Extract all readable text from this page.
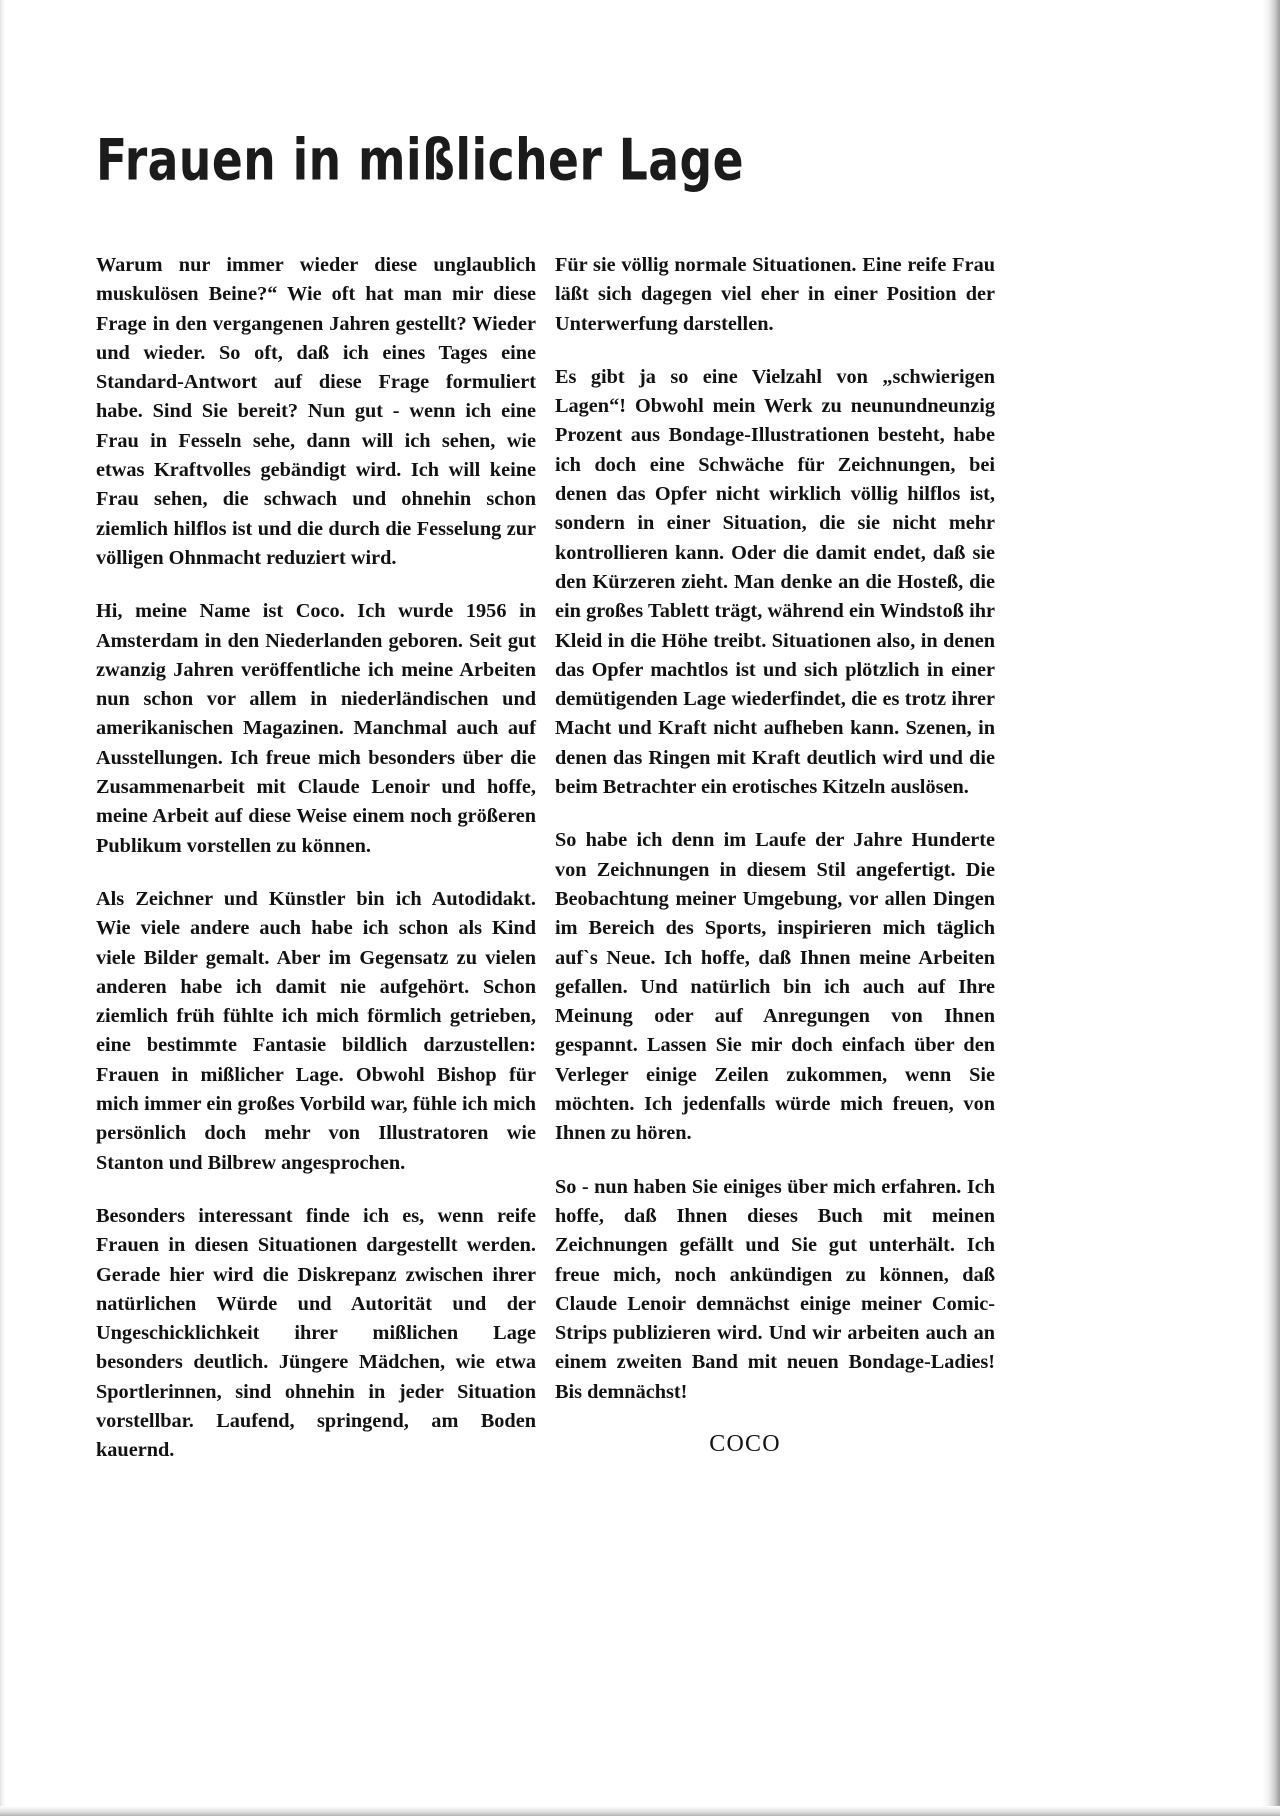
Frauen in mißlicher Lage

Warum nur immer wieder diese unglaublich muskulösen Beine?“ Wie oft hat man mir diese Frage in den vergangenen Jahren gestellt? Wieder und wieder. So oft, daß ich eines Tages eine Standard-Antwort auf diese Frage formuliert habe. Sind Sie bereit? Nun gut - wenn ich eine Frau in Fesseln sehe, dann will ich sehen, wie etwas Kraftvolles gebändigt wird. Ich will keine Frau sehen, die schwach und ohnehin schon ziemlich hilflos ist und die durch die Fesselung zur völligen Ohnmacht reduziert wird.

Hi, meine Name ist Coco. Ich wurde 1956 in Amsterdam in den Niederlanden geboren. Seit gut zwanzig Jahren veröffentliche ich meine Arbeiten nun schon vor allem in niederländischen und amerikanischen Magazinen. Manchmal auch auf Ausstellungen. Ich freue mich besonders über die Zusammenarbeit mit Claude Lenoir und hoffe, meine Arbeit auf diese Weise einem noch größeren Publikum vorstellen zu können.

Als Zeichner und Künstler bin ich Autodidakt. Wie viele andere auch habe ich schon als Kind viele Bilder gemalt. Aber im Gegensatz zu vielen anderen habe ich damit nie aufgehört. Schon ziemlich früh fühlte ich mich förmlich getrieben, eine bestimmte Fantasie bildlich darzustellen: Frauen in mißlicher Lage. Obwohl Bishop für mich immer ein großes Vorbild war, fühle ich mich persönlich doch mehr von Illustratoren wie Stanton und Bilbrew angesprochen.

Besonders interessant finde ich es, wenn reife Frauen in diesen Situationen dargestellt werden. Gerade hier wird die Diskrepanz zwischen ihrer natürlichen Würde und Autorität und der Ungeschicklichkeit ihrer mißlichen Lage besonders deutlich. Jüngere Mädchen, wie etwa Sportlerinnen, sind ohnehin in jeder Situation vorstellbar. Laufend, springend, am Boden kauernd.

Für sie völlig normale Situationen. Eine reife Frau läßt sich dagegen viel eher in einer Position der Unterwerfung darstellen.

Es gibt ja so eine Vielzahl von „schwierigen Lagen“! Obwohl mein Werk zu neunundneunzig Prozent aus Bondage-Illustrationen besteht, habe ich doch eine Schwäche für Zeichnungen, bei denen das Opfer nicht wirklich völlig hilflos ist, sondern in einer Situation, die sie nicht mehr kontrollieren kann. Oder die damit endet, daß sie den Kürzeren zieht. Man denke an die Hosteß, die ein großes Tablett trägt, während ein Windstoß ihr Kleid in die Höhe treibt. Situationen also, in denen das Opfer machtlos ist und sich plötzlich in einer demütigenden Lage wiederfindet, die es trotz ihrer Macht und Kraft nicht aufheben kann. Szenen, in denen das Ringen mit Kraft deutlich wird und die beim Betrachter ein erotisches Kitzeln auslösen.

So habe ich denn im Laufe der Jahre Hunderte von Zeichnungen in diesem Stil angefertigt. Die Beobachtung meiner Umgebung, vor allen Dingen im Bereich des Sports, inspirieren mich täglich auf`s Neue. Ich hoffe, daß Ihnen meine Arbeiten gefallen. Und natürlich bin ich auch auf Ihre Meinung oder auf Anregungen von Ihnen gespannt. Lassen Sie mir doch einfach über den Verleger einige Zeilen zukommen, wenn Sie möchten. Ich jedenfalls würde mich freuen, von Ihnen zu hören.

So - nun haben Sie einiges über mich erfahren. Ich hoffe, daß Ihnen dieses Buch mit meinen Zeichnungen gefällt und Sie gut unterhält. Ich freue mich, noch ankündigen zu können, daß Claude Lenoir demnächst einige meiner Comic-Strips publizieren wird. Und wir arbeiten auch an einem zweiten Band mit neuen Bondage-Ladies! Bis demnächst!

COCO
